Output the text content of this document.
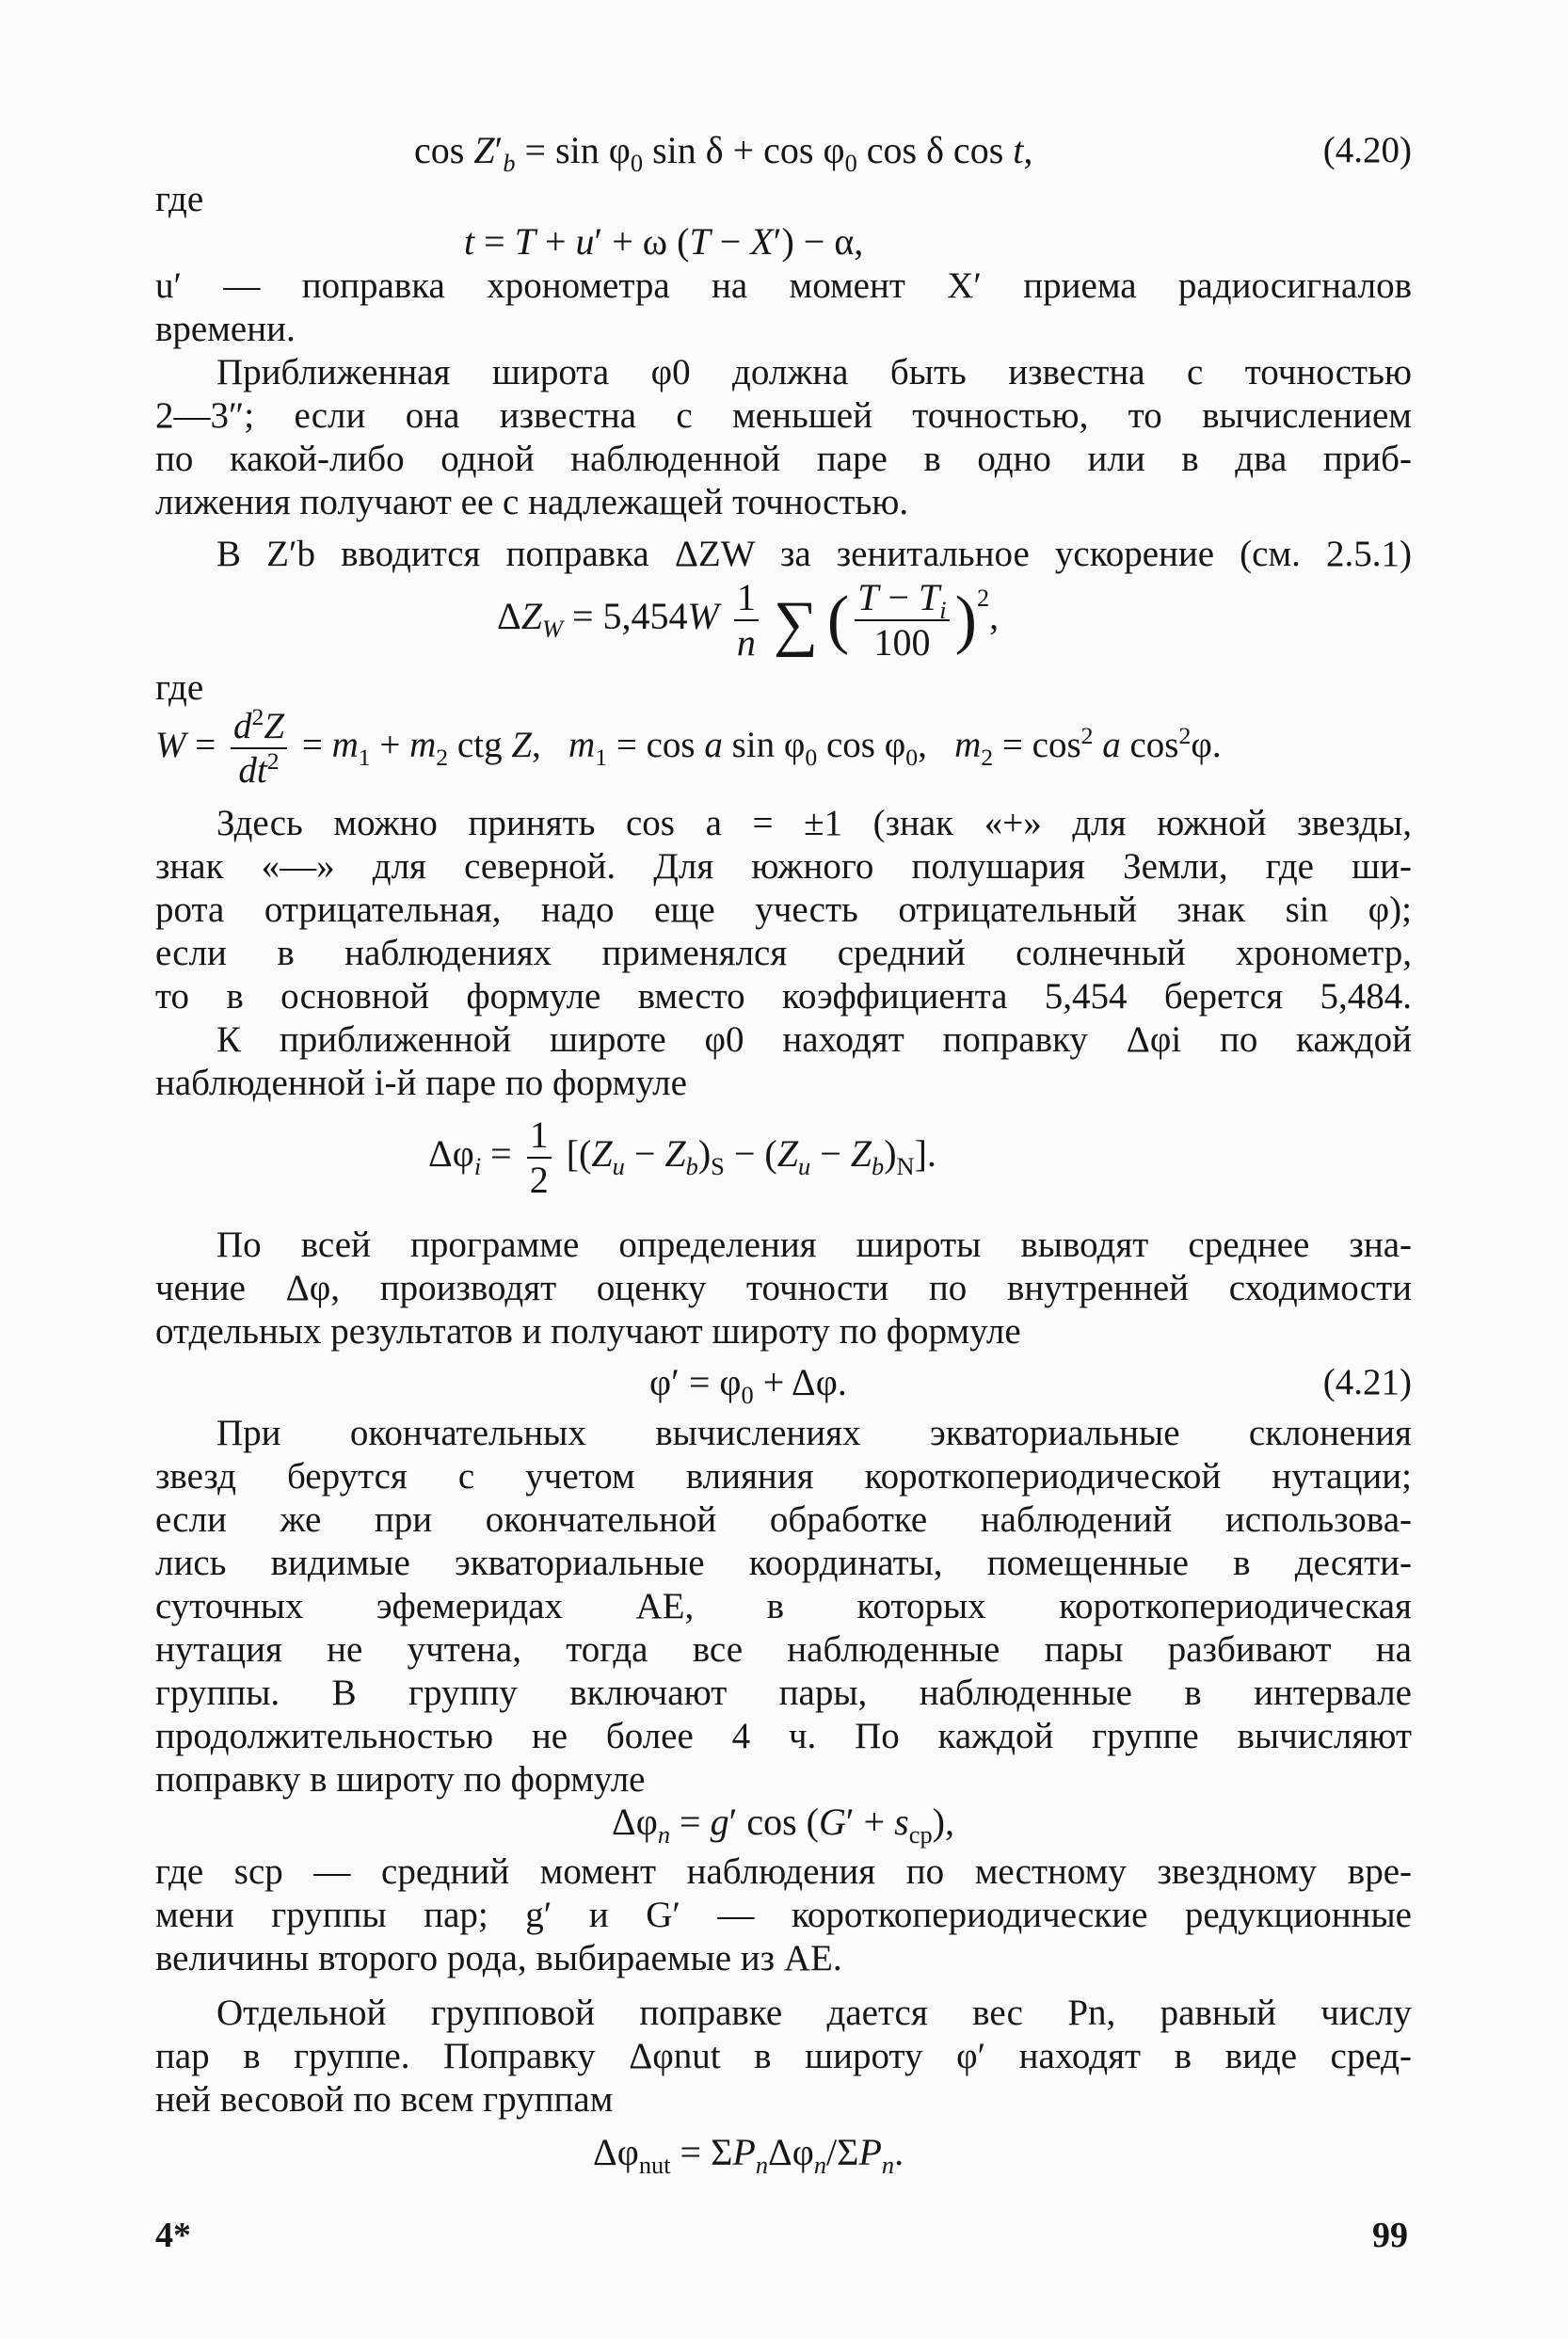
$\cos Z'_b = \sin \varphi_0$ $\sin \delta + \cos \varphi_0$ cos δ cos t,	(4.20)
где
t = T + u′ + ω (T − X′) − α,
u′ — поправка хронометра на момент X′ приема радиосигналов
времени.
Приближенная широта φ0 должна быть известна с точностью
2—3″; если она известна с меньшей точностью, то вычислением
по какой-либо одной наблюденной паре в одно или в два приб-
лижения получают ее с надлежащей точностью.
В Z′b вводится поправка ΔZW за зенитальное ускорение (см. 2.5.1)
$\Delta Z_W = 5,454W \frac{1}{n}$ ∑ ( $\frac{T - T_i}{100} )^2$,
где
$W = \frac{d^2Z}{dt^2} = m_1 + m_2$ ctg Z,   $m_1 = \cos a$ $\sin \varphi_0$ $\cos \varphi_0$,   $m_2 = \cos^2 a$ $\cos^2\varphi$.
Здесь можно принять cos a = ±1 (знак «+» для южной звезды,
знак «—» для северной. Для южного полушария Земли, где ши-
рота отрицательная, надо еще учесть отрицательный знак sin φ);
если в наблюдениях применялся средний солнечный хронометр,
то в основной формуле вместо коэффициента 5,454 берется 5,484.
К приближенной широте φ0 находят поправку Δφi по каждой
наблюденной i-й паре по формуле
$\Delta\varphi_i = \frac{1}{2} [(Z_u - Z_b)_S - (Z_u - Z_b)_N]$.
По всей программе определения широты выводят среднее зна-
чение Δφ, производят оценку точности по внутренней сходимости
отдельных результатов и получают широту по формуле
$\varphi' = \varphi_0 + \Delta\varphi$.	(4.21)
При окончательных вычислениях экваториальные склонения
звезд берутся с учетом влияния короткопериодической нутации;
если же при окончательной обработке наблюдений использова-
лись видимые экваториальные координаты, помещенные в десяти-
суточных эфемеридах АЕ, в которых короткопериодическая
нутация не учтена, тогда все наблюденные пары разбивают на
группы. В группу включают пары, наблюденные в интервале
продолжительностью не более 4 ч. По каждой группе вычисляют
поправку в широту по формуле
$\Delta\varphi_n = g'$ $\cos (G' + s_{ср})$,
где sср — средний момент наблюдения по местному звездному вре-
мени группы пар; g′ и G′ — короткопериодические редукционные
величины второго рода, выбираемые из АЕ.
Отдельной групповой поправке дается вес Pn, равный числу
пар в группе. Поправку Δφnut в широту φ′ находят в виде сред-
ней весовой по всем группам
$\Delta\varphi_{nut} = \Sigma P_n\Delta\varphi_n/\Sigma P_n$.
4*	99
